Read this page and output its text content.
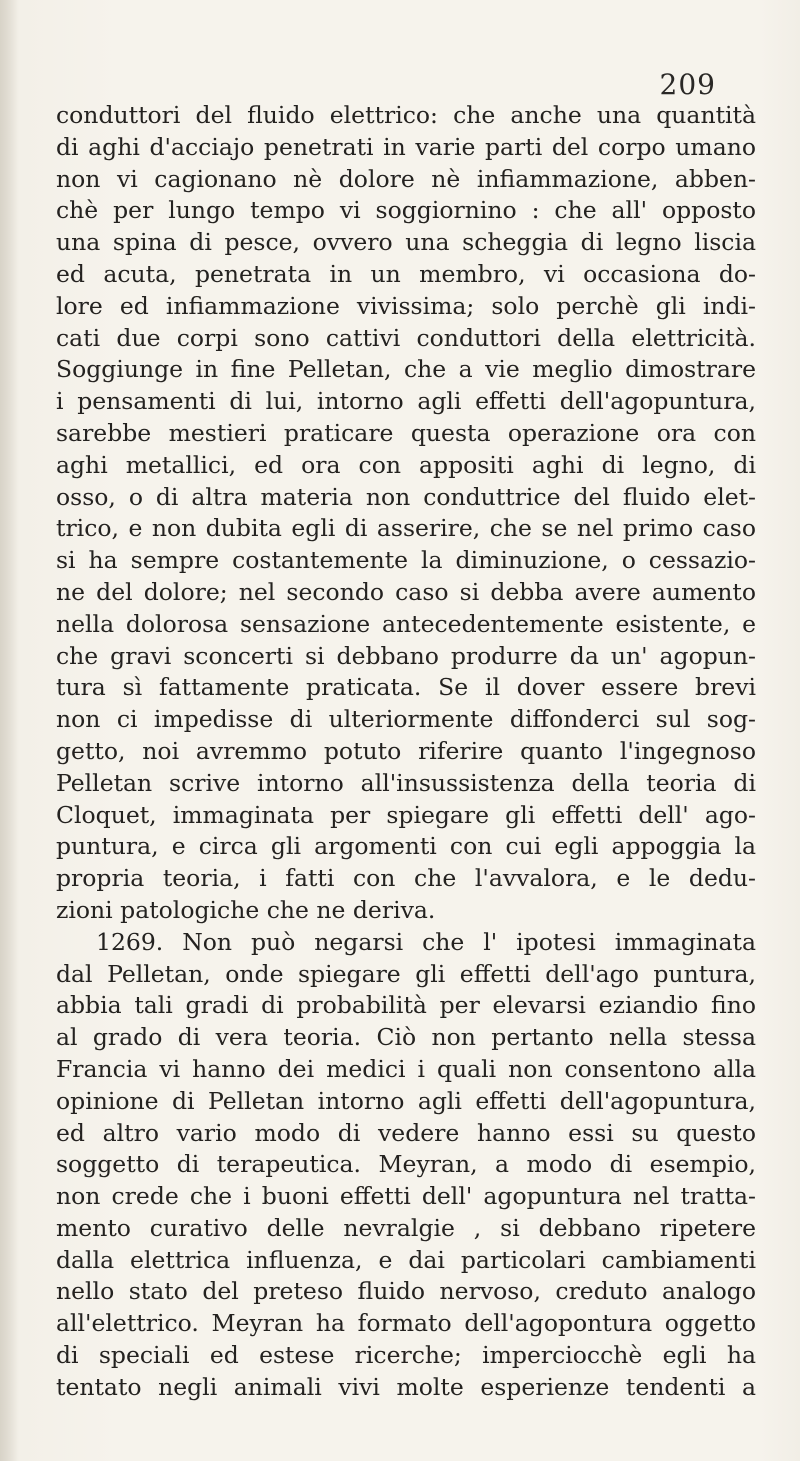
209
conduttori del fluido elettrico: che anche una quantità
di aghi d'acciajo penetrati in varie parti del corpo umano
non vi cagionano nè dolore nè infiammazione, abben-
chè per lungo tempo vi soggiornino : che all' opposto
una spina di pesce, ovvero una scheggia di legno liscia
ed acuta, penetrata in un membro, vi occasiona do-
lore ed infiammazione vivissima; solo perchè gli indi-
cati due corpi sono cattivi conduttori della elettricità.
Soggiunge in fine Pelletan, che a vie meglio dimostrare
i pensamenti di lui, intorno agli effetti dell'agopuntura,
sarebbe mestieri praticare questa operazione ora con
aghi metallici, ed ora con appositi aghi di legno, di
osso, o di altra materia non conduttrice del fluido elet-
trico, e non dubita egli di asserire, che se nel primo caso
si ha sempre costantemente la diminuzione, o cessazio-
ne del dolore; nel secondo caso si debba avere aumento
nella dolorosa sensazione antecedentemente esistente, e
che gravi sconcerti si debbano produrre da un' agopun-
tura sì fattamente praticata. Se il dover essere brevi
non ci impedisse di ulteriormente diffonderci sul sog-
getto, noi avremmo potuto riferire quanto l'ingegnoso
Pelletan scrive intorno all'insussistenza della teoria di
Cloquet, immaginata per spiegare gli effetti dell' ago-
puntura, e circa gli argomenti con cui egli appoggia la
propria teoria, i fatti con che l'avvalora, e le dedu-
zioni patologiche che ne deriva.
1269. Non può negarsi che l' ipotesi immaginata
dal Pelletan, onde spiegare gli effetti dell'ago puntura,
abbia tali gradi di probabilità per elevarsi eziandio fino
al grado di vera teoria. Ciò non pertanto nella stessa
Francia vi hanno dei medici i quali non consentono alla
opinione di Pelletan intorno agli effetti dell'agopuntura,
ed altro vario modo di vedere hanno essi su questo
soggetto di terapeutica. Meyran, a modo di esempio,
non crede che i buoni effetti dell' agopuntura nel tratta-
mento curativo delle nevralgie , si debbano ripetere
dalla elettrica influenza, e dai particolari cambiamenti
nello stato del preteso fluido nervoso, creduto analogo
all'elettrico. Meyran ha formato dell'agopontura oggetto
di speciali ed estese ricerche; imperciocchè egli ha
tentato negli animali vivi molte esperienze tendenti a
